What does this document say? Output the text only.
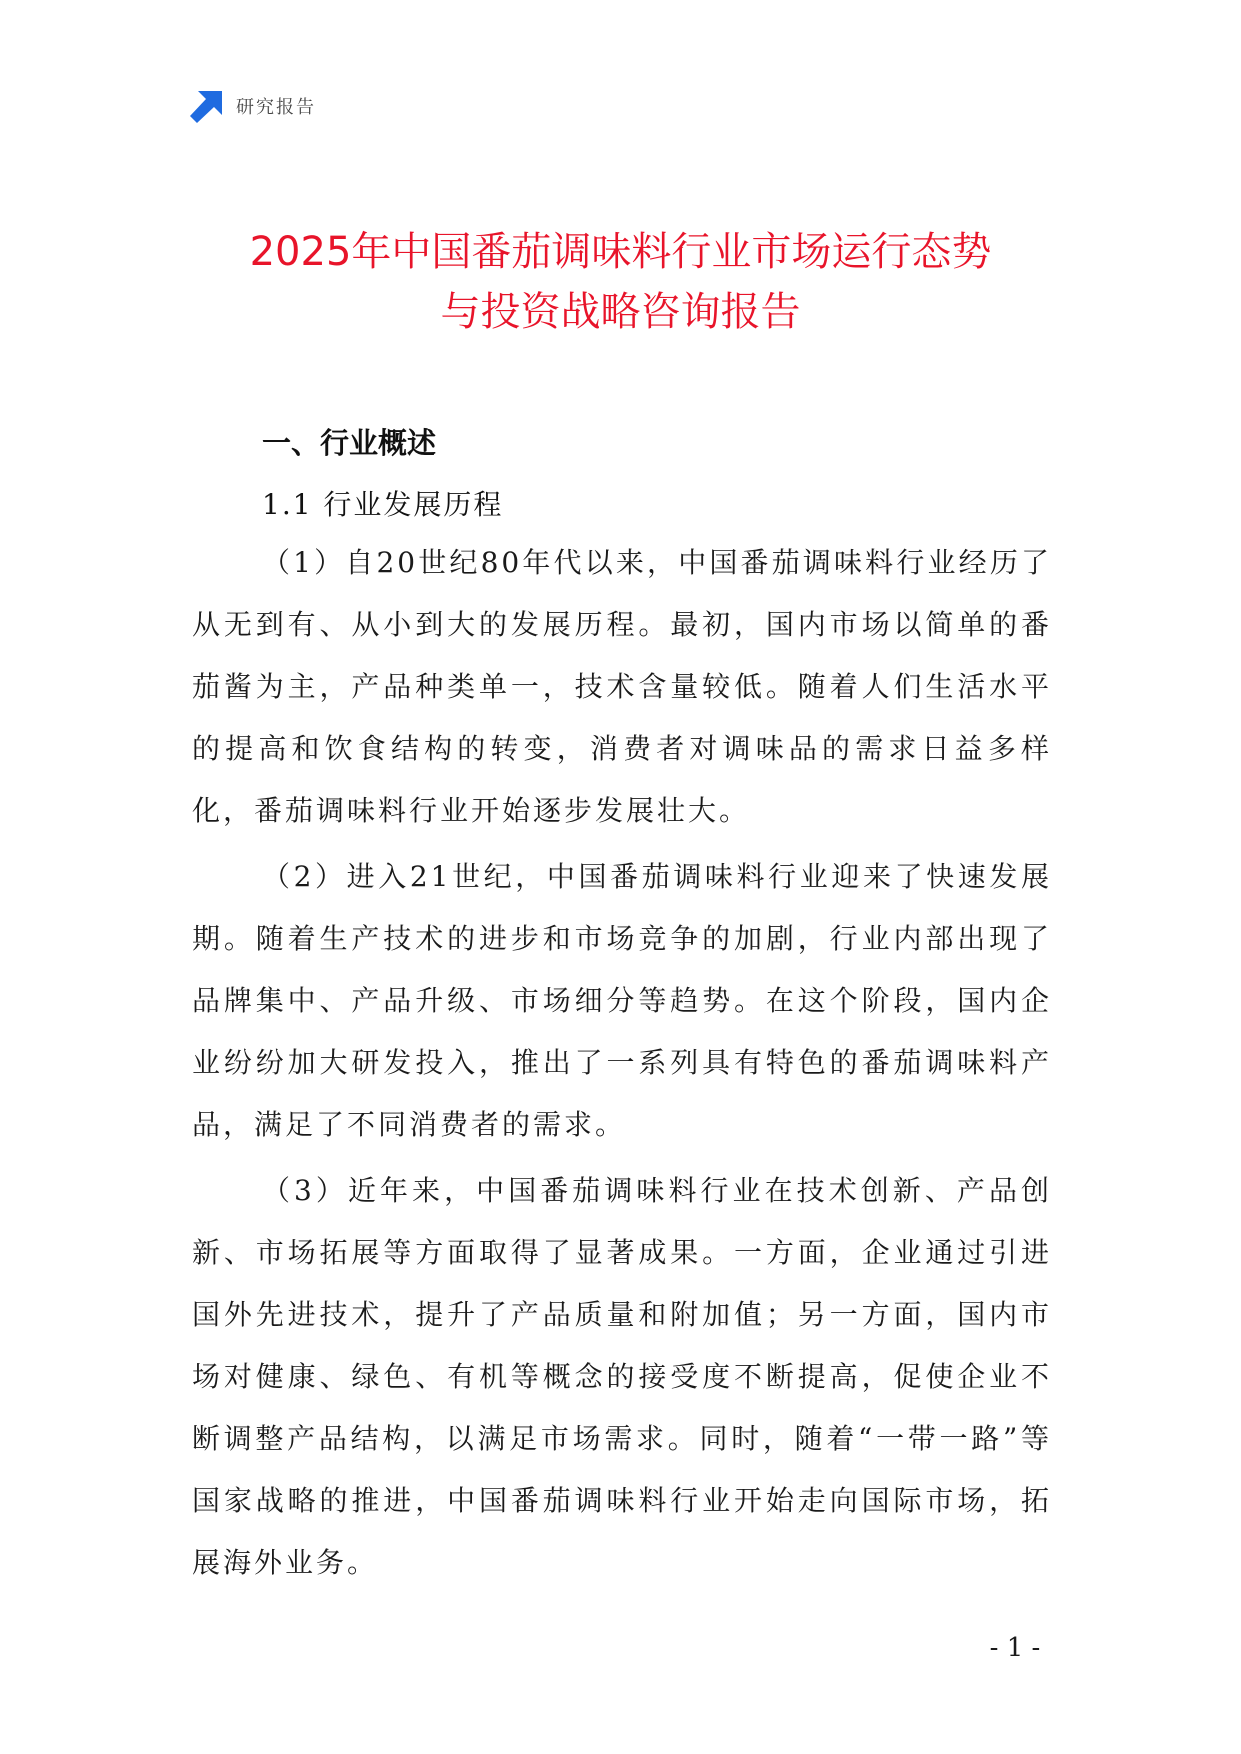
研究报告
2025年中国番茄调味料行业市场运行态势
与投资战略咨询报告
一、行业概述
1.1 行业发展历程

（1）自20世纪80年代以来，中国番茄调味料行业经历了从无到有、从小到大的发展历程。最初，国内市场以简单的番茄酱为主，产品种类单一，技术含量较低。随着人们生活水平的提高和饮食结构的转变，消费者对调味品的需求日益多样化，番茄调味料行业开始逐步发展壮大。

（2）进入21世纪，中国番茄调味料行业迎来了快速发展期。随着生产技术的进步和市场竞争的加剧，行业内部出现了品牌集中、产品升级、市场细分等趋势。在这个阶段，国内企业纷纷加大研发投入，推出了一系列具有特色的番茄调味料产品，满足了不同消费者的需求。

（3）近年来，中国番茄调味料行业在技术创新、产品创新、市场拓展等方面取得了显著成果。一方面，企业通过引进国外先进技术，提升了产品质量和附加值；另一方面，国内市场对健康、绿色、有机等概念的接受度不断提高，促使企业不断调整产品结构，以满足市场需求。同时，随着“一带一路”等国家战略的推进，中国番茄调味料行业开始走向国际市场，拓展海外业务。

- 1 -
